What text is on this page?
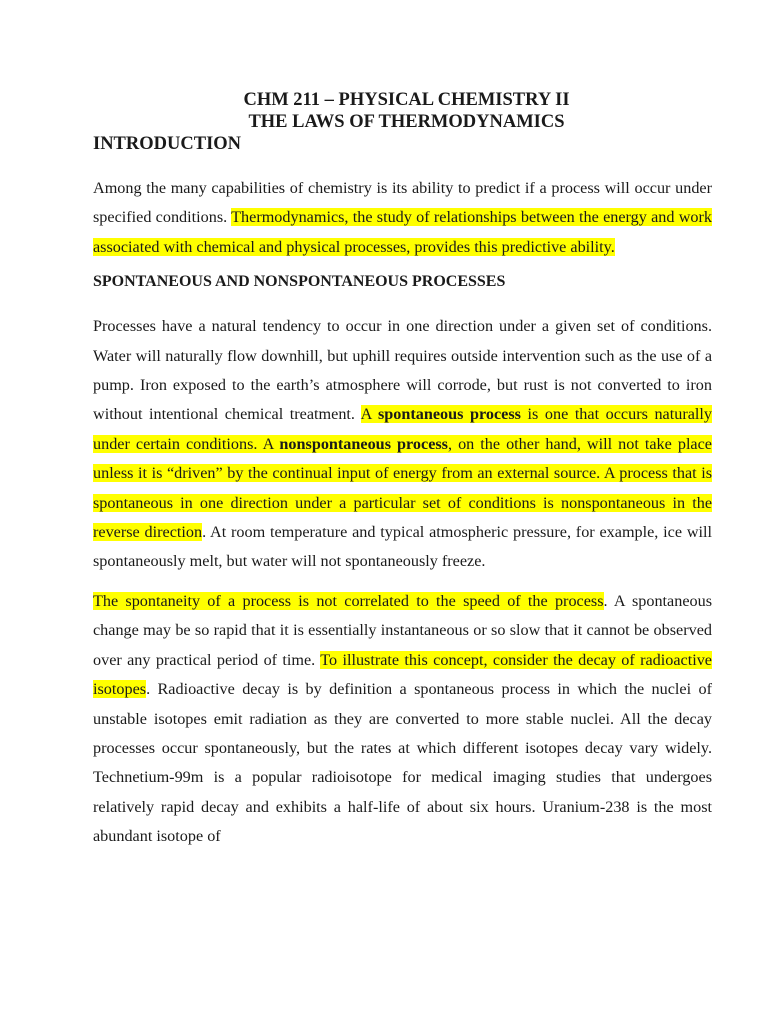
CHM 211 – PHYSICAL CHEMISTRY II
THE LAWS OF THERMODYNAMICS
INTRODUCTION

Among the many capabilities of chemistry is its ability to predict if a process will occur under specified conditions. Thermodynamics, the study of relationships between the energy and work associated with chemical and physical processes, provides this predictive ability.

SPONTANEOUS AND NONSPONTANEOUS PROCESSES

Processes have a natural tendency to occur in one direction under a given set of conditions. Water will naturally flow downhill, but uphill requires outside intervention such as the use of a pump. Iron exposed to the earth’s atmosphere will corrode, but rust is not converted to iron without intentional chemical treatment. A spontaneous process is one that occurs naturally under certain conditions. A nonspontaneous process, on the other hand, will not take place unless it is “driven” by the continual input of energy from an external source. A process that is spontaneous in one direction under a particular set of conditions is nonspontaneous in the reverse direction. At room temperature and typical atmospheric pressure, for example, ice will spontaneously melt, but water will not spontaneously freeze.

The spontaneity of a process is not correlated to the speed of the process. A spontaneous change may be so rapid that it is essentially instantaneous or so slow that it cannot be observed over any practical period of time. To illustrate this concept, consider the decay of radioactive isotopes. Radioactive decay is by definition a spontaneous process in which the nuclei of unstable isotopes emit radiation as they are converted to more stable nuclei. All the decay processes occur spontaneously, but the rates at which different isotopes decay vary widely. Technetium-99m is a popular radioisotope for medical imaging studies that undergoes relatively rapid decay and exhibits a half-life of about six hours. Uranium-238 is the most abundant isotope of
